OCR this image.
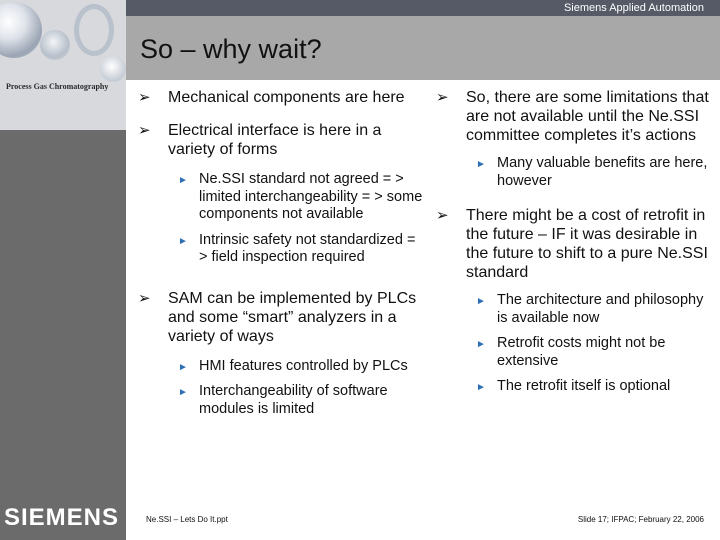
Process Gas Chromatography
SIEMENS
Siemens Applied Automation
So – why wait?
➢ Mechanical components are here
➢ Electrical interface is here in a variety of forms
► Ne.SSI standard not agreed = > limited interchangeability = > some components not available
► Intrinsic safety not standardized = > field inspection required
➢ SAM can be implemented by PLCs and some “smart” analyzers in a variety of ways
► HMI features controlled by PLCs
► Interchangeability of software modules is limited
➢ So, there are some limitations that are not available until the Ne.SSI committee completes it’s actions
► Many valuable benefits are here, however
➢ There might be a cost of retrofit in the future – IF it was desirable in the future to shift to a pure Ne.SSI standard
► The architecture and philosophy is available now
► Retrofit costs might not be extensive
► The retrofit itself is optional
Ne.SSI – Lets Do It.ppt	Slide 17; IFPAC; February 22, 2006
